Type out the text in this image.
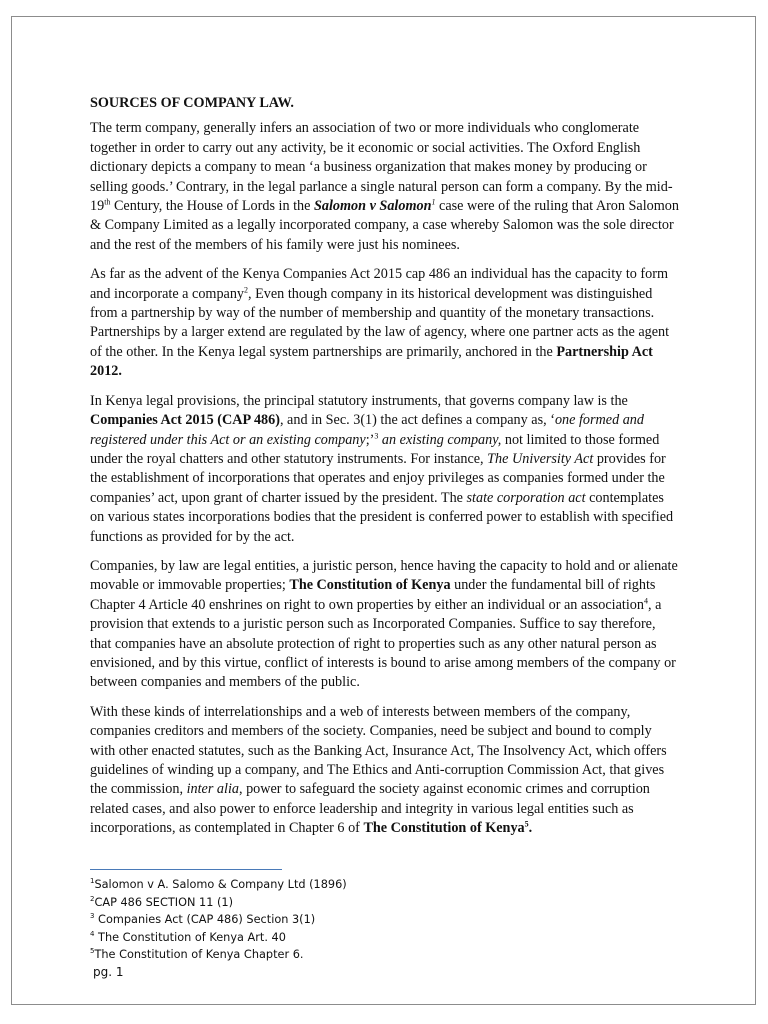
SOURCES OF COMPANY LAW.

The term company, generally infers an association of two or more individuals who conglomerate together in order to carry out any activity, be it economic or social activities. The Oxford English dictionary depicts a company to mean ‘a business organization that makes money by producing or selling goods.’ Contrary, in the legal parlance a single natural person can form a company. By the mid-19th Century, the House of Lords in the Salomon v Salomon$^1$ case were of the ruling that Aron Salomon & Company Limited as a legally incorporated company, a case whereby Salomon was the sole director and the rest of the members of his family were just his nominees.

As far as the advent of the Kenya Companies Act 2015 cap 486 an individual has the capacity to form and incorporate a company$^2$, Even though company in its historical development was distinguished from a partnership by way of the number of membership and quantity of the monetary transactions. Partnerships by a larger extend are regulated by the law of agency, where one partner acts as the agent of the other. In the Kenya legal system partnerships are primarily, anchored in the Partnership Act 2012.

In Kenya legal provisions, the principal statutory instruments, that governs company law is the Companies Act 2015 (CAP 486), and in Sec. 3(1) the act defines a company as, ‘one formed and registered under this Act or an existing company;’$^3$ an existing company, not limited to those formed under the royal chatters and other statutory instruments. For instance, The University Act provides for the establishment of incorporations that operates and enjoy privileges as companies formed under the companies’ act, upon grant of charter issued by the president. The state corporation act contemplates on various states incorporations bodies that the president is conferred power to establish with specified functions as provided for by the act.

Companies, by law are legal entities, a juristic person, hence having the capacity to hold and or alienate movable or immovable properties; The Constitution of Kenya under the fundamental bill of rights Chapter 4 Article 40 enshrines on right to own properties by either an individual or an association$^4$, a provision that extends to a juristic person such as Incorporated Companies. Suffice to say therefore, that companies have an absolute protection of right to properties such as any other natural person as envisioned, and by this virtue, conflict of interests is bound to arise among members of the company or between companies and members of the public.

With these kinds of interrelationships and a web of interests between members of the company, companies creditors and members of the society. Companies, need be subject and bound to comply with other enacted statutes, such as the Banking Act, Insurance Act, The Insolvency Act, which offers guidelines of winding up a company, and The Ethics and Anti-corruption Commission Act, that gives the commission, inter alia, power to safeguard the society against economic crimes and corruption related cases, and also power to enforce leadership and integrity in various legal entities such as incorporations, as contemplated in Chapter 6 of The Constitution of Kenya$^5$.

$^1$Salomon v A. Salomo & Company Ltd (1896)
$^2$CAP 486 SECTION 11 (1)
$^3$ Companies Act (CAP 486) Section 3(1)
$^4$ The Constitution of Kenya Art. 40
$^5$The Constitution of Kenya Chapter 6.
pg. 1
